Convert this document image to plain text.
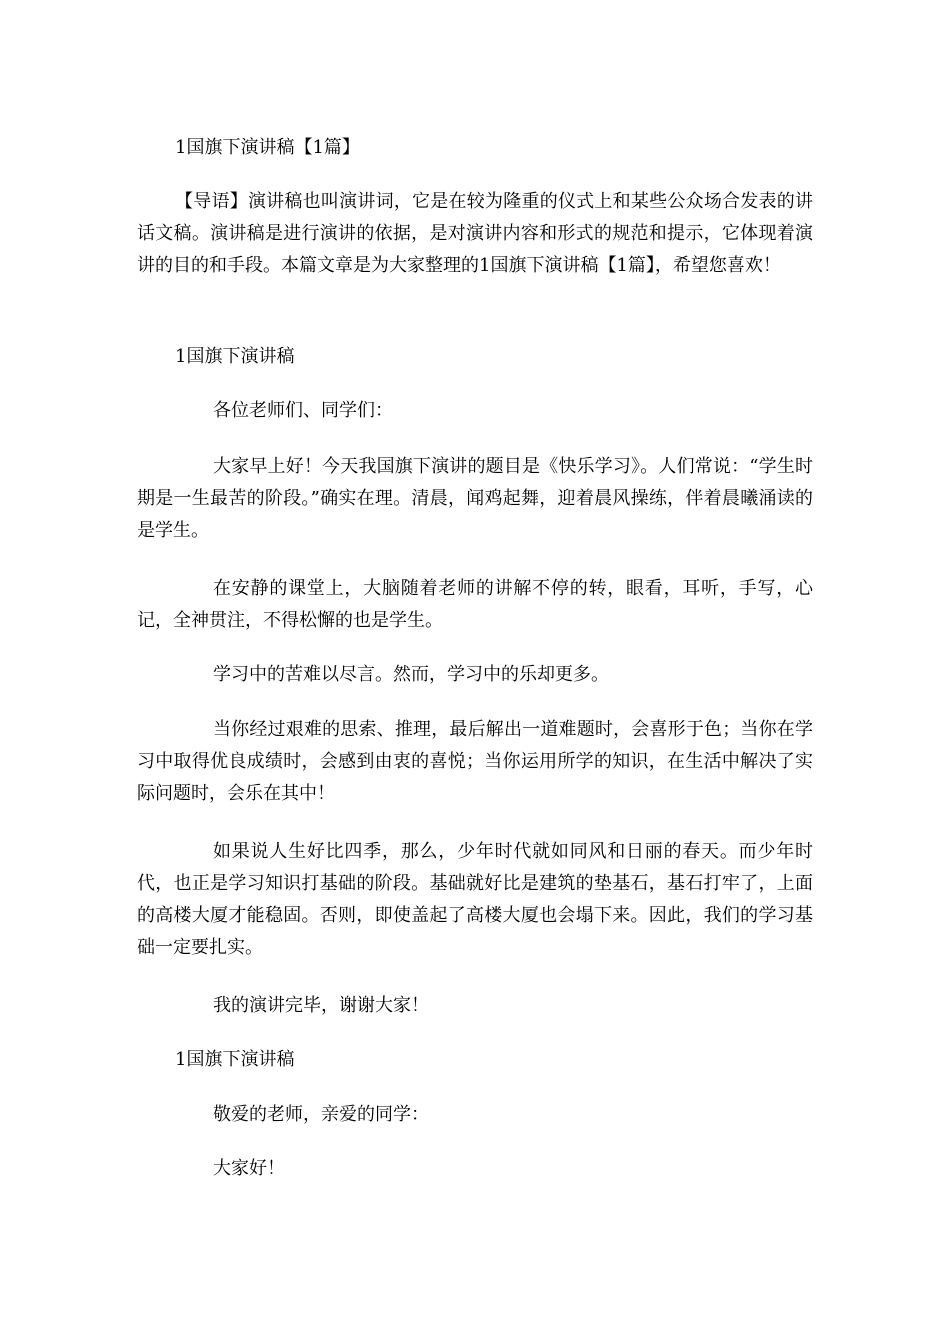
1国旗下演讲稿【1篇】

【导语】演讲稿也叫演讲词，它是在较为隆重的仪式上和某些公众场合发表的讲话文稿。演讲稿是进行演讲的依据，是对演讲内容和形式的规范和提示，它体现着演讲的目的和手段。本篇文章是为大家整理的1国旗下演讲稿【1篇】，希望您喜欢！

1国旗下演讲稿

各位老师们、同学们：

大家早上好！今天我国旗下演讲的题目是《快乐学习》。人们常说：“学生时期是一生最苦的阶段。”确实在理。清晨，闻鸡起舞，迎着晨风操练，伴着晨曦涌读的是学生。

在安静的课堂上，大脑随着老师的讲解不停的转，眼看，耳听，手写，心记，全神贯注，不得松懈的也是学生。

学习中的苦难以尽言。然而，学习中的乐却更多。

当你经过艰难的思索、推理，最后解出一道难题时，会喜形于色；当你在学习中取得优良成绩时，会感到由衷的喜悦；当你运用所学的知识，在生活中解决了实际问题时，会乐在其中！

如果说人生好比四季，那么，少年时代就如同风和日丽的春天。而少年时代，也正是学习知识打基础的阶段。基础就好比是建筑的垫基石，基石打牢了，上面的高楼大厦才能稳固。否则，即使盖起了高楼大厦也会塌下来。因此，我们的学习基础一定要扎实。

我的演讲完毕，谢谢大家！

1国旗下演讲稿

敬爱的老师，亲爱的同学：

大家好！
